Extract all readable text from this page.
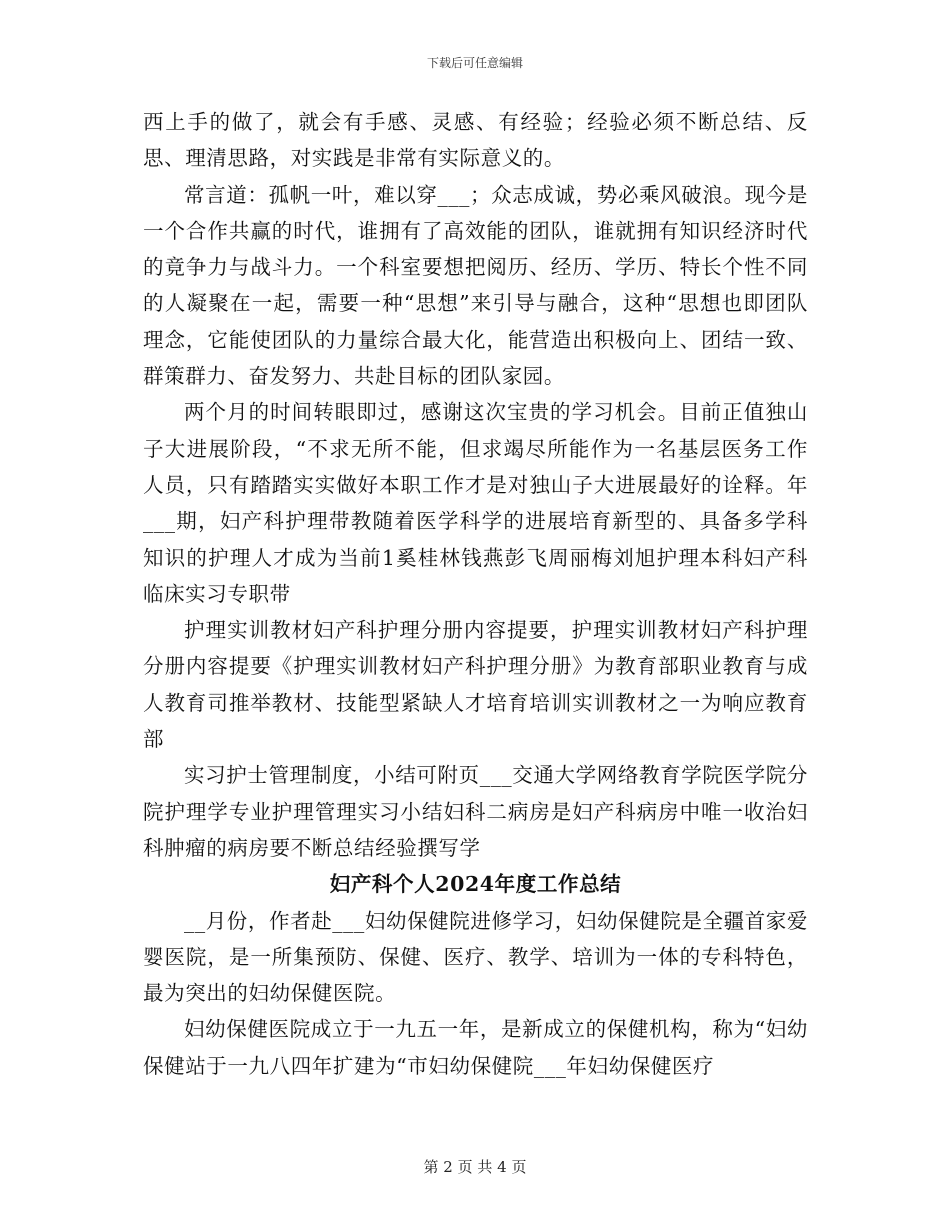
下载后可任意编辑

西上手的做了，就会有手感、灵感、有经验；经验必须不断总结、反思、理清思路，对实践是非常有实际意义的。

常言道：孤帆一叶，难以穿___；众志成诚，势必乘风破浪。现今是一个合作共赢的时代，谁拥有了高效能的团队，谁就拥有知识经济时代的竟争力与战斗力。一个科室要想把阅历、经历、学历、特长个性不同的人凝聚在一起，需要一种“思想”来引导与融合，这种“思想也即团队理念，它能使团队的力量综合最大化，能营造出积极向上、团结一致、群策群力、奋发努力、共赴目标的团队家园。

两个月的时间转眼即过，感谢这次宝贵的学习机会。目前正值独山子大进展阶段，“不求无所不能，但求竭尽所能作为一名基层医务工作人员，只有踏踏实实做好本职工作才是对独山子大进展最好的诠释。年___期，妇产科护理带教随着医学科学的进展培育新型的、具备多学科知识的护理人才成为当前1奚桂林钱燕彭飞周丽梅刘旭护理本科妇产科临床实习专职带

护理实训教材妇产科护理分册内容提要，护理实训教材妇产科护理分册内容提要《护理实训教材妇产科护理分册》为教育部职业教育与成人教育司推举教材、技能型紧缺人才培育培训实训教材之一为响应教育部

实习护士管理制度，小结可附页___交通大学网络教育学院医学院分院护理学专业护理管理实习小结妇科二病房是妇产科病房中唯一收治妇科肿瘤的病房要不断总结经验撰写学

妇产科个人2024年度工作总结

__月份，作者赴___妇幼保健院进修学习，妇幼保健院是全疆首家爱婴医院，是一所集预防、保健、医疗、教学、培训为一体的专科特色，最为突出的妇幼保健医院。

妇幼保健医院成立于一九五一年，是新成立的保健机构，称为“妇幼保健站于一九八四年扩建为“市妇幼保健院___年妇幼保健医疗

第 2 页 共 4 页
